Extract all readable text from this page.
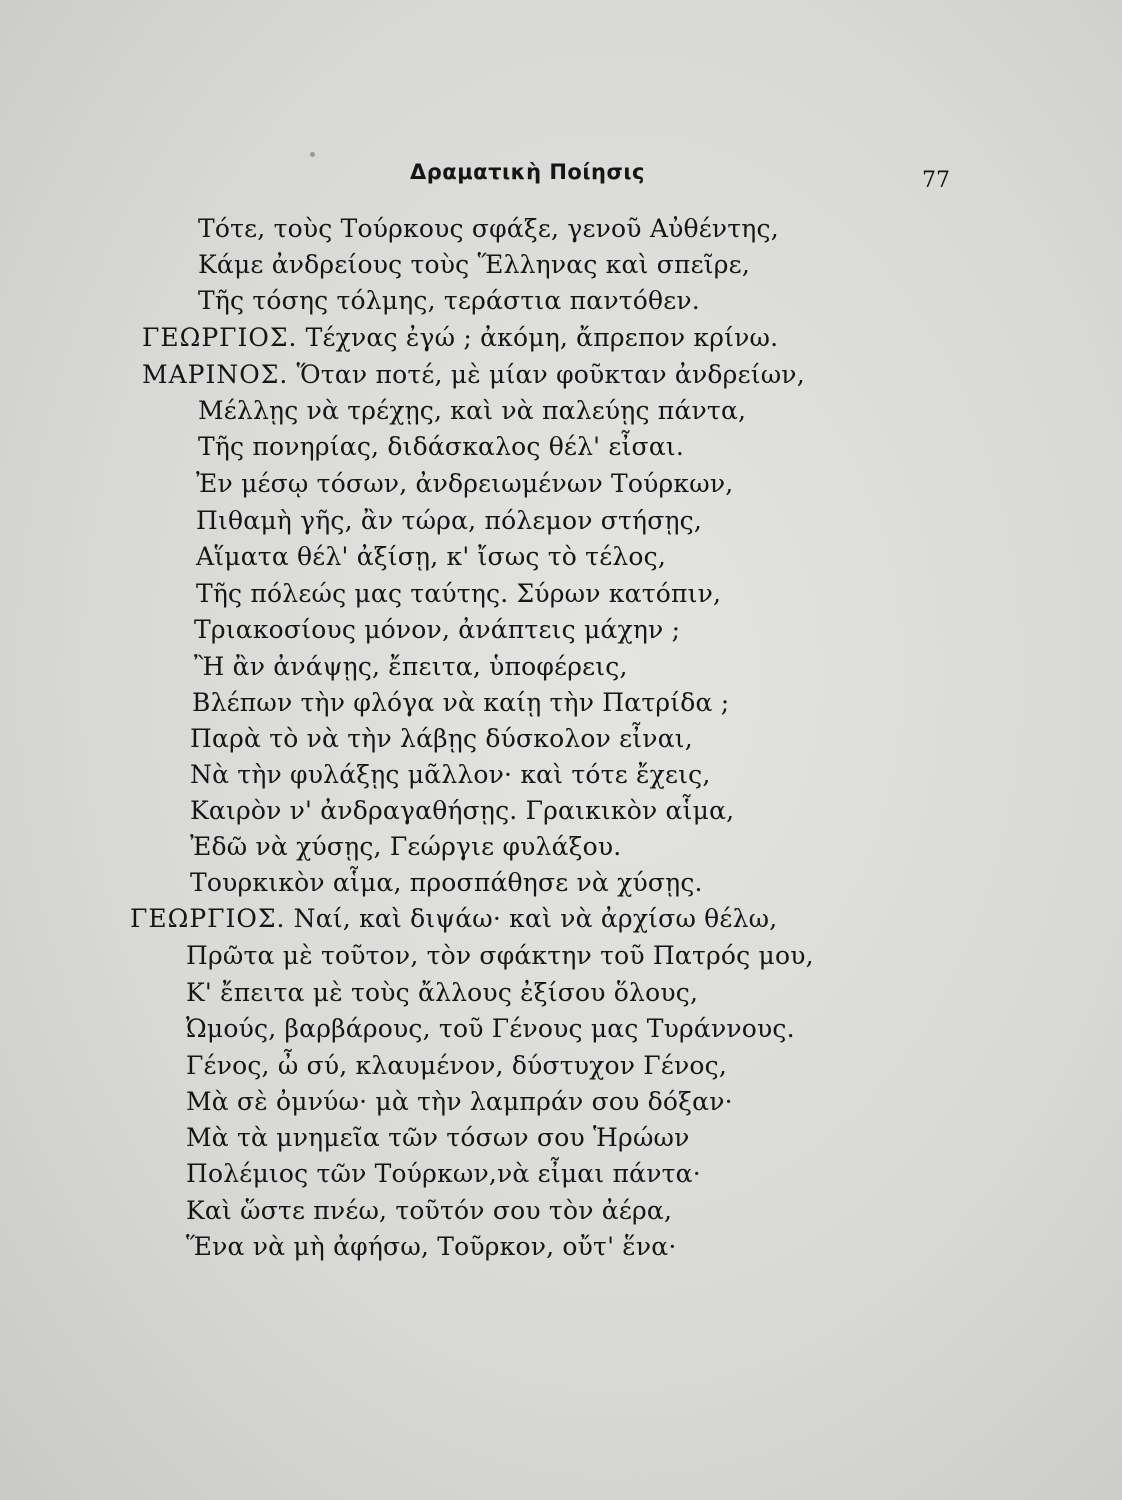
Δραματικὴ Ποίησις	77
Τότε, τοὺς Τούρκους σφάξε, γενοῦ Αὐθέντης,
Κάμε ἀνδρείους τοὺς Ἕλληνας καὶ σπεῖρε,
Τῆς τόσης τόλμης, τεράστια παντόθεν.
ΓΕΩΡΓΙΟΣ. Τέχνας ἐγώ ; ἀκόμη, ἄπρεπον κρίνω.
ΜΑΡΙΝΟΣ. Ὅταν ποτέ, μὲ μίαν φοῦκταν ἀνδρείων,
Μέλλῃς νὰ τρέχῃς, καὶ νὰ παλεύῃς πάντα,
Τῆς πονηρίας, διδάσκαλος θέλ' εἶσαι.
Ἐν μέσῳ τόσων, ἀνδρειωμένων Τούρκων,
Πιθαμὴ γῆς, ἂν τώρα, πόλεμον στήσῃς,
Αἵματα θέλ' ἀξίσῃ, κ' ἴσως τὸ τέλος,
Τῆς πόλεώς μας ταύτης. Σύρων κατόπιν,
Τριακοσίους μόνον, ἀνάπτεις μάχην ;
Ἢ ἂν ἀνάψῃς, ἔπειτα, ὑποφέρεις,
Βλέπων τὴν φλόγα νὰ καίῃ τὴν Πατρίδα ;
Παρὰ τὸ νὰ τὴν λάβῃς δύσκολον εἶναι,
Νὰ τὴν φυλάξῃς μᾶλλον· καὶ τότε ἔχεις,
Καιρὸν ν' ἀνδραγαθήσῃς. Γραικικὸν αἷμα,
Ἐδῶ νὰ χύσῃς, Γεώργιε φυλάξου.
Τουρκικὸν αἷμα, προσπάθησε νὰ χύσῃς.
ΓΕΩΡΓΙΟΣ. Ναί, καὶ διψάω· καὶ νὰ ἀρχίσω θέλω,
Πρῶτα μὲ τοῦτον, τὸν σφάκτην τοῦ Πατρός μου,
Κ' ἔπειτα μὲ τοὺς ἄλλους ἐξίσου ὅλους,
Ὠμούς, βαρβάρους, τοῦ Γένους μας Τυράννους.
Γένος, ὦ σύ, κλαυμένον, δύστυχον Γένος,
Μὰ σὲ ὀμνύω· μὰ τὴν λαμπράν σου δόξαν·
Μὰ τὰ μνημεῖα τῶν τόσων σου Ἡρώων
Πολέμιος τῶν Τούρκων,νὰ εἶμαι πάντα·
Καὶ ὥστε πνέω, τοῦτόν σου τὸν ἀέρα,
Ἕνα νὰ μὴ ἀφήσω, Τοῦρκον, οὔτ' ἕνα·
